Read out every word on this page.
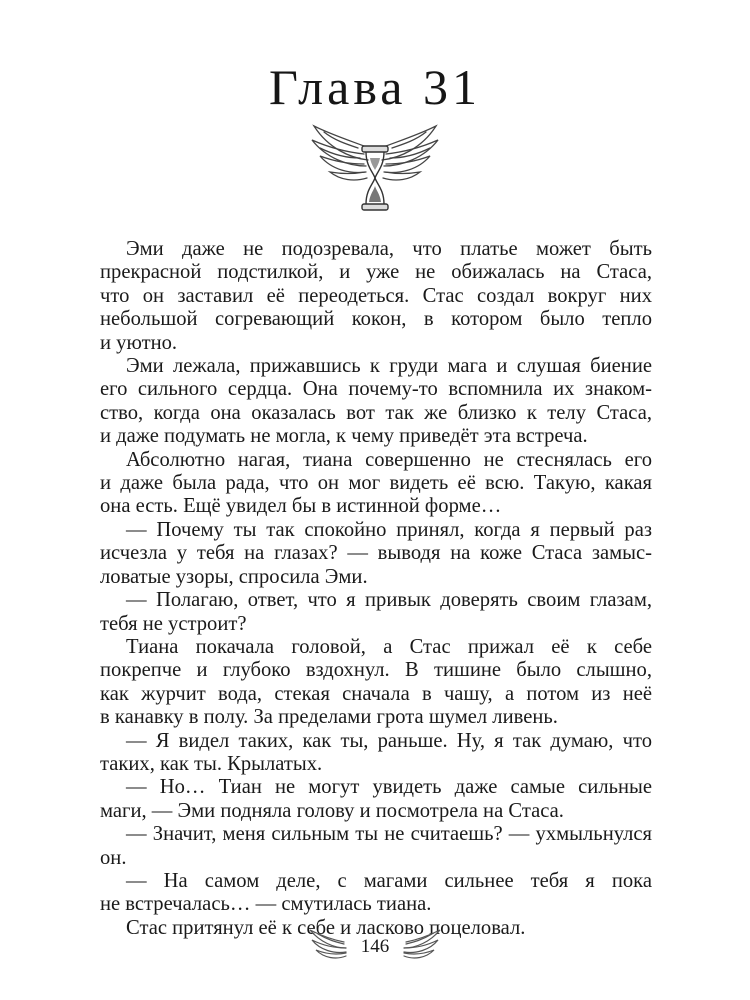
Глава 31
Эми даже не подозревала, что платье может быть
прекрасной подстилкой, и уже не обижалась на Стаса,
что он заставил её переодеться. Стас создал вокруг них
небольшой согревающий кокон, в котором было тепло
и уютно.
Эми лежала, прижавшись к груди мага и слушая биение
его сильного сердца. Она почему-то вспомнила их знаком-
ство, когда она оказалась вот так же близко к телу Стаса,
и даже подумать не могла, к чему приведёт эта встреча.
Абсолютно нагая, тиана совершенно не стеснялась его
и даже была рада, что он мог видеть её всю. Такую, какая
она есть. Ещё увидел бы в истинной форме…
— Почему ты так спокойно принял, когда я первый раз
исчезла у тебя на глазах? — выводя на коже Стаса замыс-
ловатые узоры, спросила Эми.
— Полагаю, ответ, что я привык доверять своим глазам,
тебя не устроит?
Тиана покачала головой, а Стас прижал её к себе
покрепче и глубоко вздохнул. В тишине было слышно,
как журчит вода, стекая сначала в чашу, а потом из неё
в канавку в полу. За пределами грота шумел ливень.
— Я видел таких, как ты, раньше. Ну, я так думаю, что
таких, как ты. Крылатых.
— Но… Тиан не могут увидеть даже самые сильные
маги, — Эми подняла голову и посмотрела на Стаса.
— Значит, меня сильным ты не считаешь? — ухмыльнулся
он.
— На самом деле, с магами сильнее тебя я пока
не встречалась… — смутилась тиана.
Стас притянул её к себе и ласково поцеловал.
146
